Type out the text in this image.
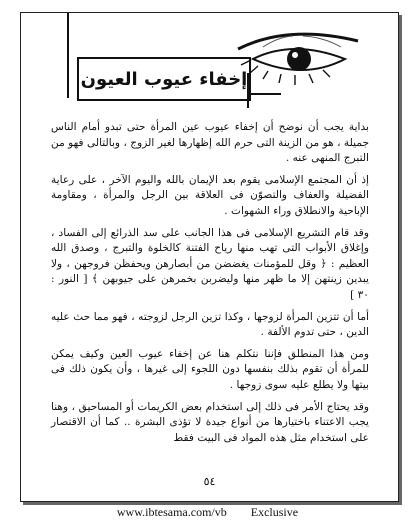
إخفاء عيوب العيون

بداية يجب أن نوضح أن إخفاء عيوب عين المرأة حتى تبدو أمام الناس جميلة ، هو من الزينة التى حرم الله إظهارها لغير الزوج ، وبالتالى فهو من التبرج المنهى عنه .

إذ أن المجتمع الإسلامى يقوم بعد الإيمان بالله واليوم الآخر ، على رعاية الفضيلة والعفاف والتصوّن فى العلاقة بين الرجل والمرأة ، ومقاومة الإباحية والانطلاق وراء الشهوات .

وقد قام التشريع الإسلامى فى هذا الجانب على سد الذرائع إلى الفساد ، وإغلاق الأبواب التى تهب منها رياح الفتنة كالخلوة والتبرج ، وصدق الله العظيم : ﴿ وقل للمؤمنات يغضضن من أبصارهن ويحفظن فروجهن ، ولا يبدين زينتهن إلا ما ظهر منها وليضربن بخمرهن على جيوبهن ﴾ [ النور : ٣٠ ]

أما أن تتزين المرأة لزوجها ، وكذا تزين الرجل لزوجته ، فهو مما حث عليه الدين ، حتى تدوم الألفة .

ومن هذا المنطلق فإننا نتكلم هنا عن إخفاء عيوب العين وكيف يمكن للمرأة أن تقوم بذلك بنفسها دون اللجوء إلى غيرها ، وأن يكون ذلك فى بيتها ولا يطلع عليه سوى زوجها .

وقد يحتاج الأمر فى ذلك إلى استخدام بعض الكريمات أو المساحيق ، وهنا يجب الاعتناء باختيارها من أنواع جيدة لا تؤذى البشرة .. كما أن الاقتصار على استخدام مثل هذه المواد فى البيت فقط

٥٤
www.ibtesama.com/vb Exclusive
